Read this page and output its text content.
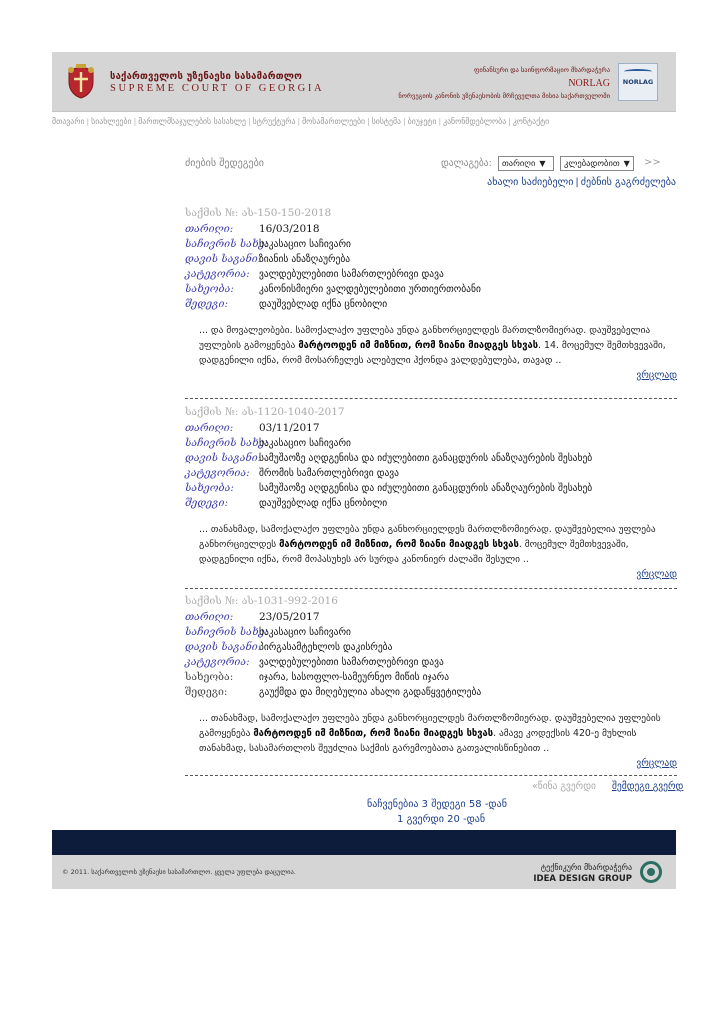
საქართველოს უზენაესი სასამართლო
SUPREME COURT OF GEORGIA
ფინანსური და საინფორმაციო მხარდაჭერა
NORLAG
ნორვეგიის კანონის უზენაესობის მრჩეველთა მისია საქართველოში
NORLAG
მთავარი | სიახლეები | მართლმსაჯულების სასახლე | სტრუქტურა | მოსამართლეები | სისტემა | ბიუჯეტი | კანონმდებლობა | კონტაქტი
ძიების შედეგები	დალაგება:	თარიღი ▼	კლებადობით ▼	>>
ახალი საძიებელი | ძებნის გაგრძელება
საქმის №: ას-150-150-2018
თარიღი: 16/03/2018
საჩივრის სახე:საკასაციო საჩივარი
დავის საგანი:ზიანის ანაზღაურება
კატეგორია: ვალდებულებითი სამართლებრივი დავა
სახეობა:	კანონისმიერი ვალდებულებითი ურთიერთობანი
შედეგი:	დაუშვებლად იქნა ცნობილი
... და მოვალეობები. სამოქალაქო უფლება უნდა განხორციელდეს მართლზომიერად. დაუშვებელია უფლების გამოყენება მარტოოდენ იმ მიზნით, რომ ზიანი მიადგეს სხვას. 14. მოცემულ შემთხვევაში, დადგენილი იქნა, რომ მოსარჩელეს ალებული ჰქონდა ვალდებულება, თავად ..
ვრცლად
საქმის №: ას-1120-1040-2017
თარიღი: 03/11/2017
საჩივრის სახე:საკასაციო საჩივარი
დავის საგანი:სამუშაოზე აღდგენისა და იძულებითი განაცდურის ანაზღაურების შესახებ
კატეგორია: შრომის სამართლებრივი დავა
სახეობა:	სამუშაოზე აღდგენისა და იძულებითი განაცდურის ანაზღაურების შესახებ
შედეგი:	დაუშვებლად იქნა ცნობილი
... თანახმად, სამოქალაქო უფლება უნდა განხორციელდეს მართლზომიერად. დაუშვებელია უფლება განხორციელდეს მარტოოდენ იმ მიზნით, რომ ზიანი მიადგეს სხვას. მოცემულ შემთხვევაში, დადგენილი იქნა, რომ მოპასუხეს არ სურდა კანონიერ ძალაში შესული ..
ვრცლად
საქმის №: ას-1031-992-2016
თარიღი: 23/05/2017
საჩივრის სახე:საკასაციო საჩივარი
დავის საგანი:პირგასამტეხლოს დაკისრება
კატეგორია: ვალდებულებითი სამართლებრივი დავა
სახეობა:	იჯარა, სასოფლო-სამეურნეო მიწის იჯარა
შედეგი:	გაუქმდა და მიღებულია ახალი გადაწყვეტილება
... თანახმად, სამოქალაქო უფლება უნდა განხორციელდეს მართლზომიერად. დაუშვებელია უფლების გამოყენება მარტოოდენ იმ მიზნით, რომ ზიანი მიადგეს სხვას. ამავე კოდექსის 420-ე მუხლის თანახმად, სასამართლოს შეუძლია საქმის გარემოებათა გათვალისწინებით ..
ვრცლად
«წინა გვერდი შემდეგი გვერდ
ნაჩვენებია 3 შედეგი 58 -დან
1 გვერდი 20 -დან
© 2011. საქართველოს უზენაესი სასამართლო. ყველა უფლება დაცულია.	ტექნიკური მხარდაჭერა
IDEA DESIGN GROUP
